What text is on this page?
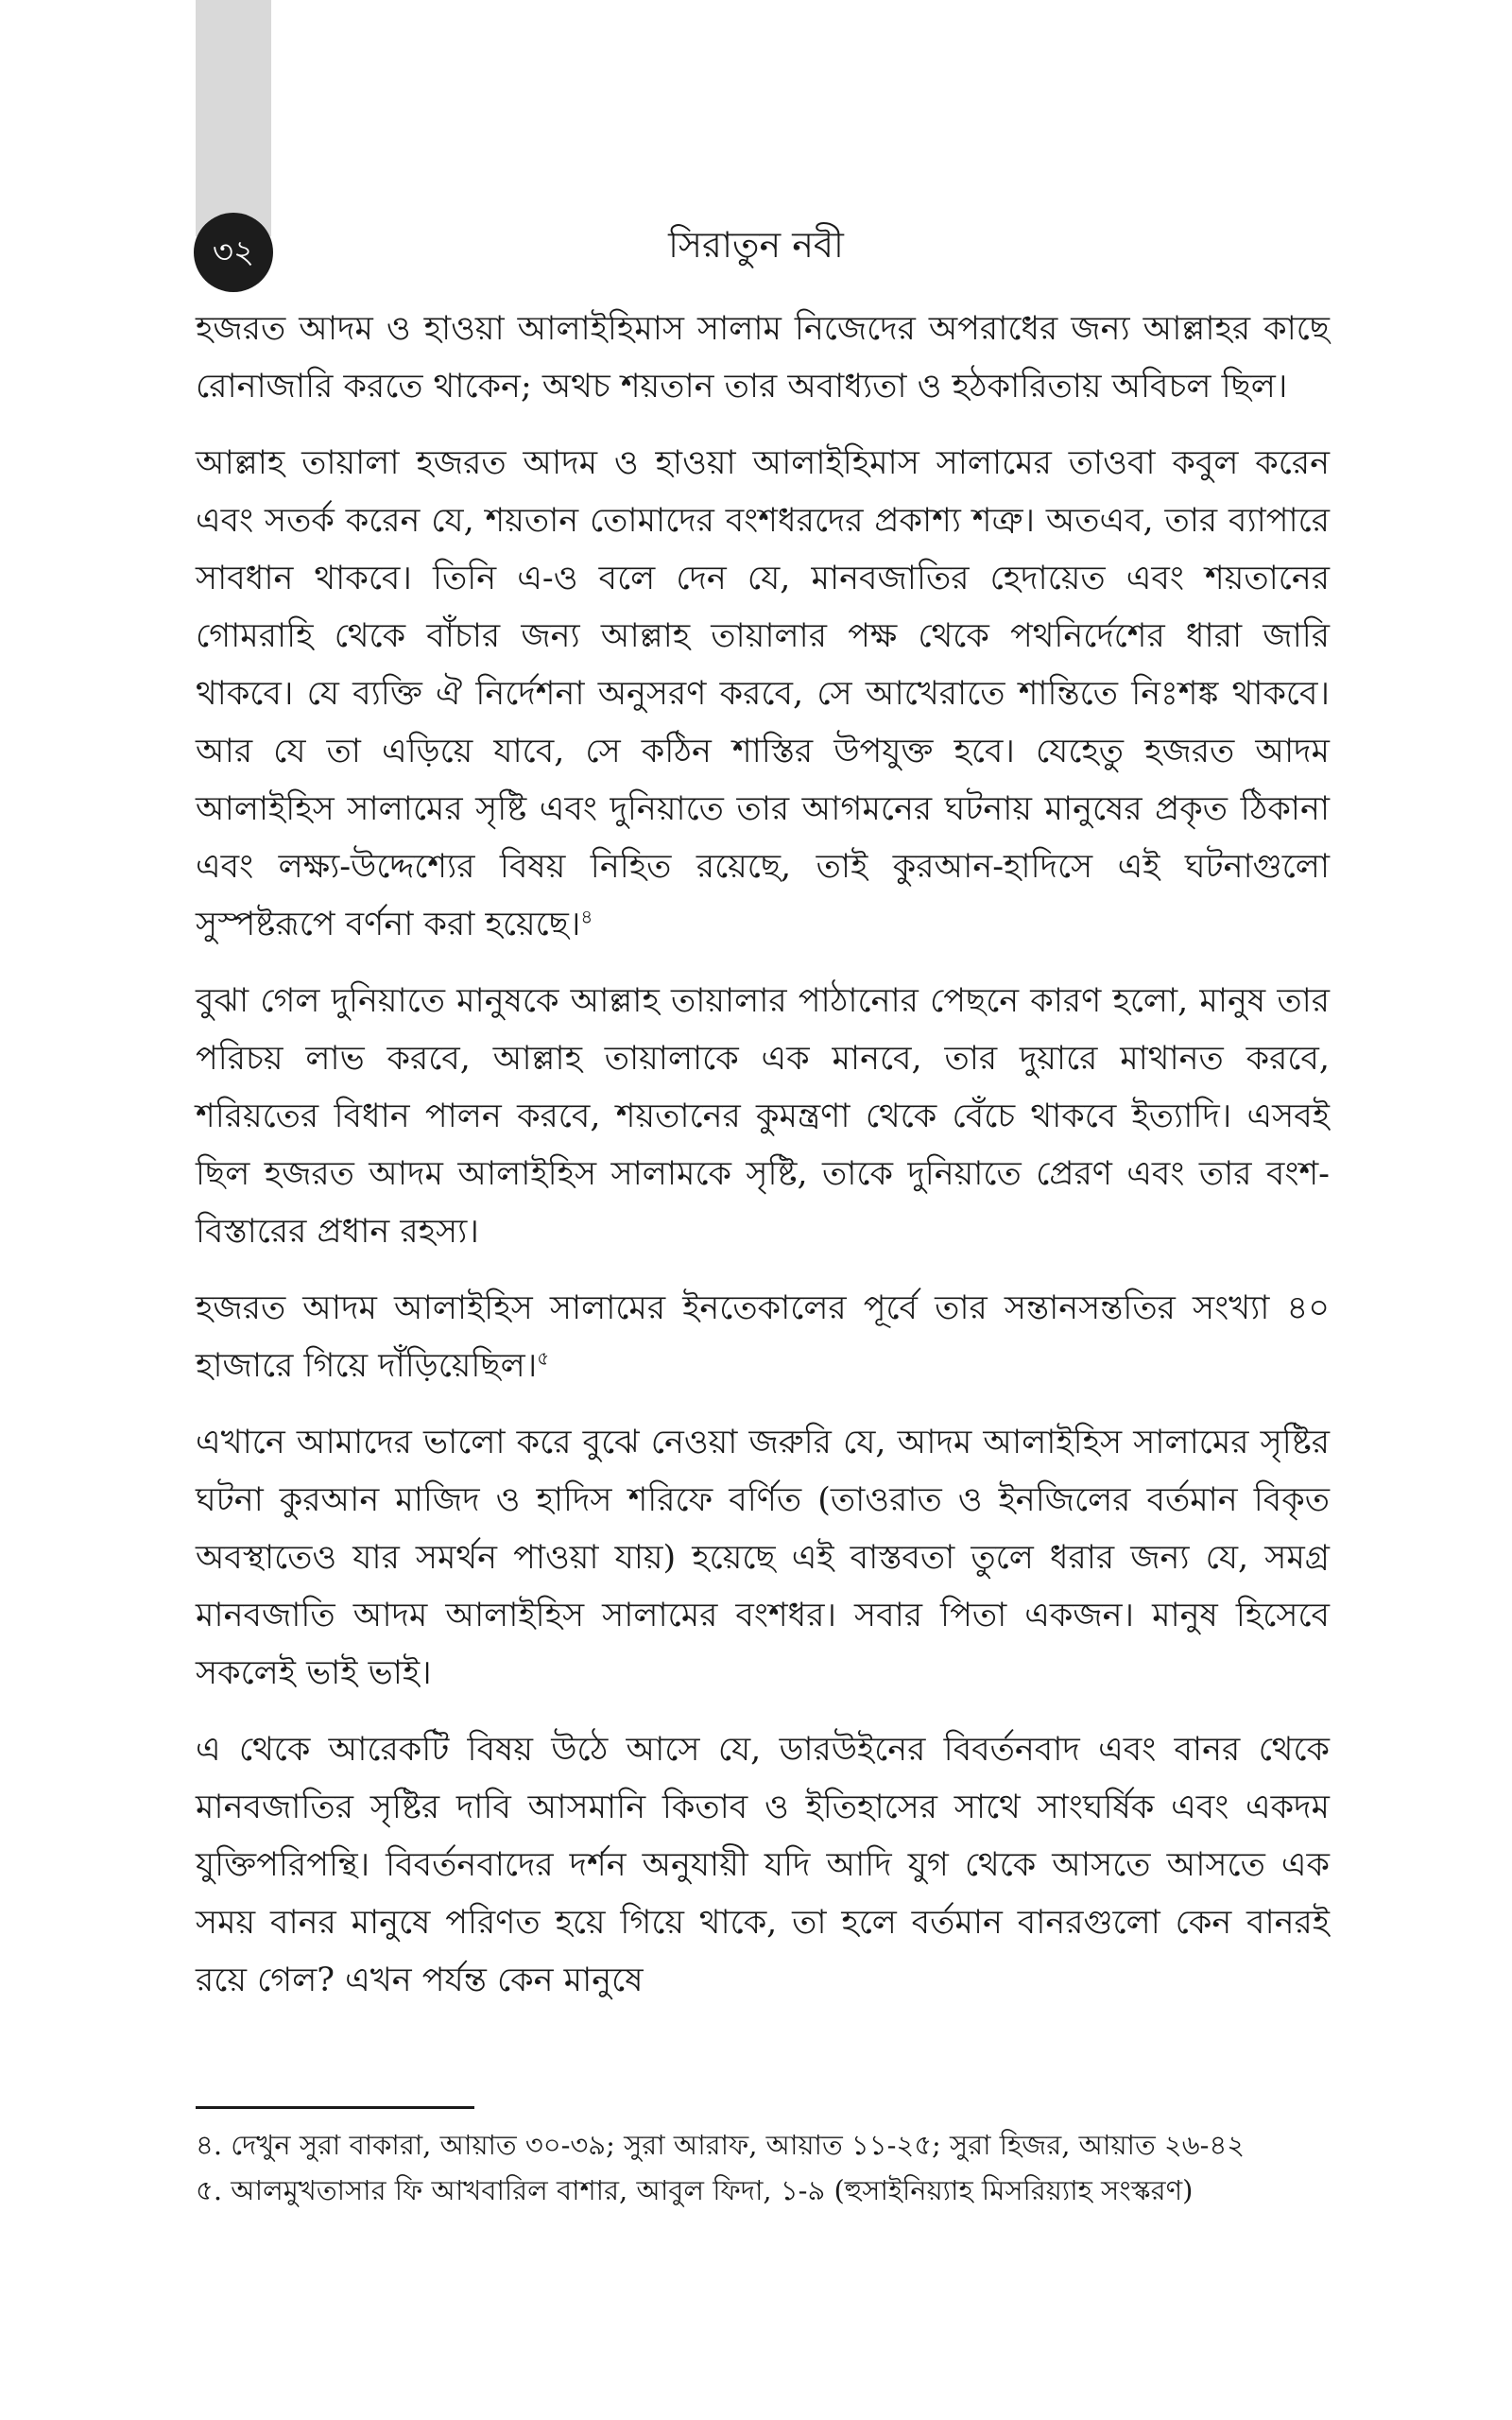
৩২	সিরাতুন নবী

হজরত আদম ও হাওয়া আলাইহিমাস সালাম নিজেদের অপরাধের জন্য আল্লাহর কাছে রোনাজারি করতে থাকেন; অথচ শয়তান তার অবাধ্যতা ও হঠকারিতায় অবিচল ছিল।

আল্লাহ তায়ালা হজরত আদম ও হাওয়া আলাইহিমাস সালামের তাওবা কবুল করেন এবং সতর্ক করেন যে, শয়তান তোমাদের বংশধরদের প্রকাশ্য শত্রু। অতএব, তার ব্যাপারে সাবধান থাকবে। তিনি এ-ও বলে দেন যে, মানবজাতির হেদায়েত এবং শয়তানের গোমরাহি থেকে বাঁচার জন্য আল্লাহ তায়ালার পক্ষ থেকে পথনির্দেশের ধারা জারি থাকবে। যে ব্যক্তি ঐ নির্দেশনা অনুসরণ করবে, সে আখেরাতে শান্তিতে নিঃশঙ্ক থাকবে। আর যে তা এড়িয়ে যাবে, সে কঠিন শাস্তির উপযুক্ত হবে। যেহেতু হজরত আদম আলাইহিস সালামের সৃষ্টি এবং দুনিয়াতে তার আগমনের ঘটনায় মানুষের প্রকৃত ঠিকানা এবং লক্ষ্য-উদ্দেশ্যের বিষয় নিহিত রয়েছে, তাই কুরআন-হাদিসে এই ঘটনাগুলো সুস্পষ্টরূপে বর্ণনা করা হয়েছে।$^৪$

বুঝা গেল দুনিয়াতে মানুষকে আল্লাহ তায়ালার পাঠানোর পেছনে কারণ হলো, মানুষ তার পরিচয় লাভ করবে, আল্লাহ তায়ালাকে এক মানবে, তার দুয়ারে মাথানত করবে, শরিয়তের বিধান পালন করবে, শয়তানের কুমন্ত্রণা থেকে বেঁচে থাকবে ইত্যাদি। এসবই ছিল হজরত আদম আলাইহিস সালামকে সৃষ্টি, তাকে দুনিয়াতে প্রেরণ এবং তার বংশ-বিস্তারের প্রধান রহস্য।

হজরত আদম আলাইহিস সালামের ইনতেকালের পূর্বে তার সন্তানসন্ততির সংখ্যা ৪০ হাজারে গিয়ে দাঁড়িয়েছিল।$^৫$

এখানে আমাদের ভালো করে বুঝে নেওয়া জরুরি যে, আদম আলাইহিস সালামের সৃষ্টির ঘটনা কুরআন মাজিদ ও হাদিস শরিফে বর্ণিত (তাওরাত ও ইনজিলের বর্তমান বিকৃত অবস্থাতেও যার সমর্থন পাওয়া যায়) হয়েছে এই বাস্তবতা তুলে ধরার জন্য যে, সমগ্র মানবজাতি আদম আলাইহিস সালামের বংশধর। সবার পিতা একজন। মানুষ হিসেবে সকলেই ভাই ভাই।

এ থেকে আরেকটি বিষয় উঠে আসে যে, ডারউইনের বিবর্তনবাদ এবং বানর থেকে মানবজাতির সৃষ্টির দাবি আসমানি কিতাব ও ইতিহাসের সাথে সাংঘর্ষিক এবং একদম যুক্তিপরিপন্থি। বিবর্তনবাদের দর্শন অনুযায়ী যদি আদি যুগ থেকে আসতে আসতে এক সময় বানর মানুষে পরিণত হয়ে গিয়ে থাকে, তা হলে বর্তমান বানরগুলো কেন বানরই রয়ে গেল? এখন পর্যন্ত কেন মানুষে

৪. দেখুন সুরা বাকারা, আয়াত ৩০-৩৯; সুরা আরাফ, আয়াত ১১-২৫; সুরা হিজর, আয়াত ২৬-৪২

৫. আলমুখতাসার ফি আখবারিল বাশার, আবুল ফিদা, ১-৯ (হুসাইনিয়্যাহ মিসরিয়্যাহ সংস্করণ)
